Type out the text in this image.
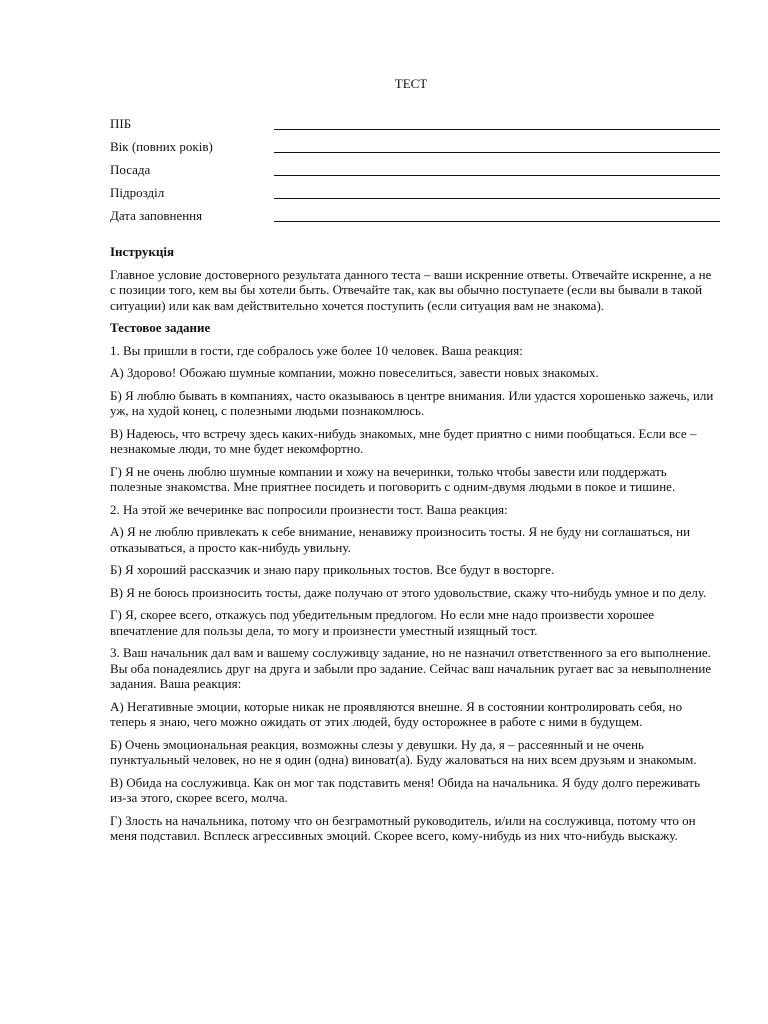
ТЕСТ
ПІБ
Вік (повних років)
Посада
Підрозділ
Дата заповнення
Інструкція

Главное условие достоверного результата данного теста – ваши искренние ответы. Отвечайте искренне, а не с позиции того, кем вы бы хотели быть. Отвечайте так, как вы обычно поступаете (если вы бывали в такой ситуации) или как вам действительно хочется поступить (если ситуация вам не знакома).

Тестовое задание

1. Вы пришли в гости, где собралось уже более 10 человек. Ваша реакция:

А) Здорово! Обожаю шумные компании, можно повеселиться, завести новых знакомых.

Б) Я люблю бывать в компаниях, часто оказываюсь в центре внимания. Или удастся хорошенько зажечь, или уж, на худой конец, с полезными людьми познакомлюсь.

В) Надеюсь, что встречу здесь каких-нибудь знакомых, мне будет приятно с ними пообщаться. Если все – незнакомые люди, то мне будет некомфортно.

Г) Я не очень люблю шумные компании и хожу на вечеринки, только чтобы завести или поддержать полезные знакомства. Мне приятнее посидеть и поговорить с одним-двумя людьми в покое и тишине.

2. На этой же вечеринке вас попросили произнести тост. Ваша реакция:

А) Я не люблю привлекать к себе внимание, ненавижу произносить тосты. Я не буду ни соглашаться, ни отказываться, а просто как-нибудь увильну.

Б) Я хороший рассказчик и знаю пару прикольных тостов. Все будут в восторге.

В) Я не боюсь произносить тосты, даже получаю от этого удовольствие, скажу что-нибудь умное и по делу.

Г) Я, скорее всего, откажусь под убедительным предлогом. Но если мне надо произвести хорошее впечатление для пользы дела, то могу и произнести уместный изящный тост.

3. Ваш начальник дал вам и вашему сослуживцу задание, но не назначил ответственного за его выполнение. Вы оба понадеялись друг на друга и забыли про задание. Сейчас ваш начальник ругает вас за невыполнение задания. Ваша реакция:

А) Негативные эмоции, которые никак не проявляются внешне. Я в состоянии контролировать себя, но теперь я знаю, чего можно ожидать от этих людей, буду осторожнее в работе с ними в будущем.

Б) Очень эмоциональная реакция, возможны слезы у девушки. Ну да, я – рассеянный и не очень пунктуальный человек, но не я один (одна) виноват(а). Буду жаловаться на них всем друзьям и знакомым.

В) Обида на сослуживца. Как он мог так подставить меня! Обида на начальника. Я буду долго переживать из-за этого, скорее всего, молча.

Г) Злость на начальника, потому что он безграмотный руководитель, и/или на сослуживца, потому что он меня подставил. Всплеск агрессивных эмоций. Скорее всего, кому-нибудь из них что-нибудь выскажу.
